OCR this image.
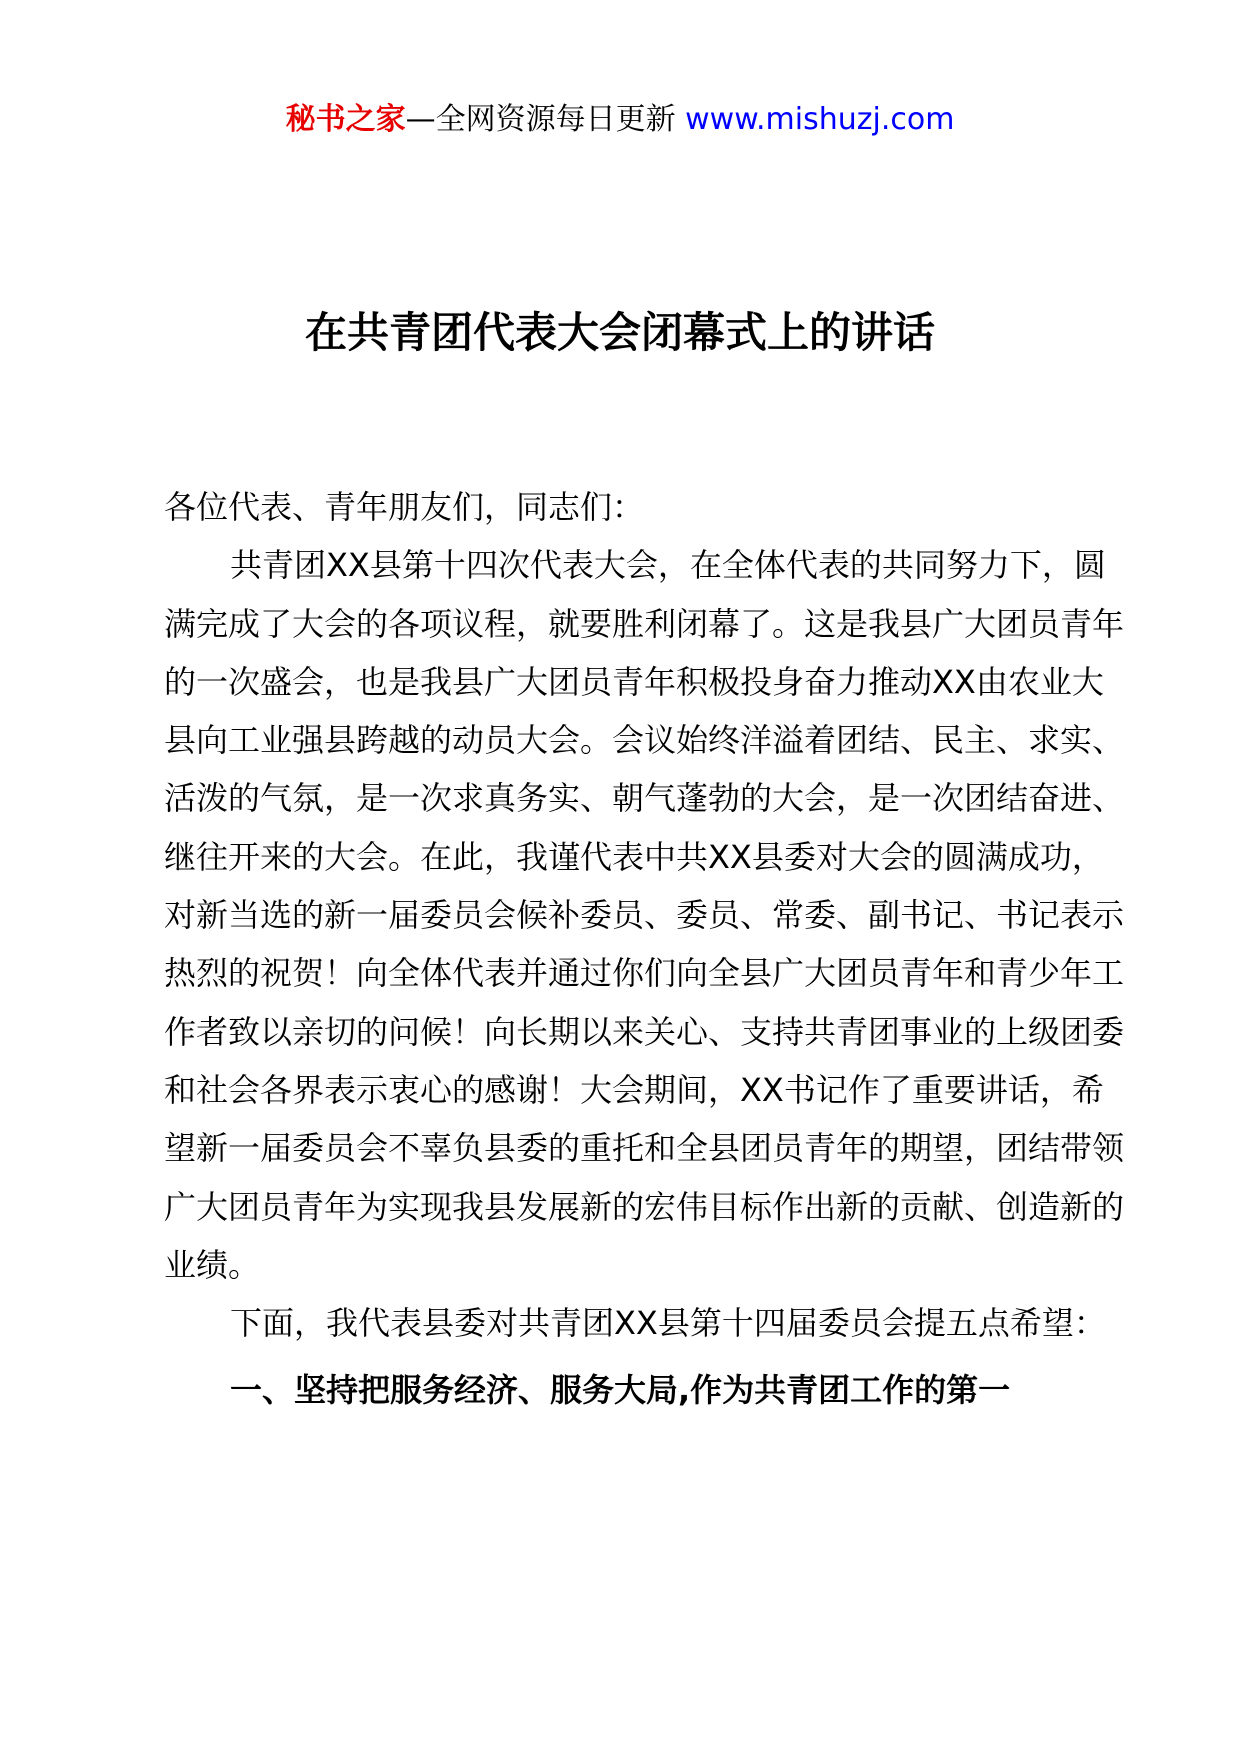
秘书之家—全网资源每日更新 www.mishuzj.com
在共青团代表大会闭幕式上的讲话

各位代表、青年朋友们，同志们：

共青团XX县第十四次代表大会，在全体代表的共同努力下，圆满完成了大会的各项议程，就要胜利闭幕了。这是我县广大团员青年的一次盛会，也是我县广大团员青年积极投身奋力推动XX由农业大县向工业强县跨越的动员大会。会议始终洋溢着团结、民主、求实、活泼的气氛，是一次求真务实、朝气蓬勃的大会，是一次团结奋进、继往开来的大会。在此，我谨代表中共XX县委对大会的圆满成功，对新当选的新一届委员会候补委员、委员、常委、副书记、书记表示热烈的祝贺！向全体代表并通过你们向全县广大团员青年和青少年工作者致以亲切的问候！向长期以来关心、支持共青团事业的上级团委和社会各界表示衷心的感谢！大会期间，XX书记作了重要讲话，希望新一届委员会不辜负县委的重托和全县团员青年的期望，团结带领广大团员青年为实现我县发展新的宏伟目标作出新的贡献、创造新的业绩。

下面，我代表县委对共青团XX县第十四届委员会提五点希望：

一、坚持把服务经济、服务大局,作为共青团工作的第一
